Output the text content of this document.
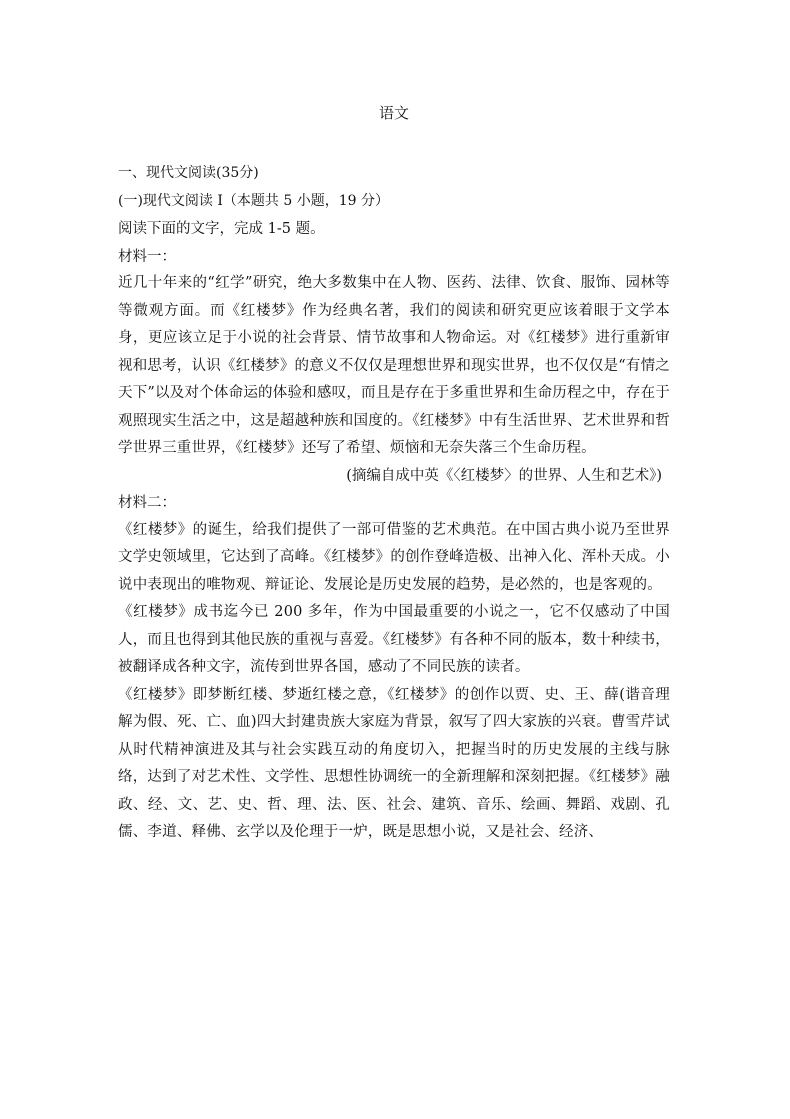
语文

一、现代文阅读(35分)

(一)现代文阅读 I（本题共 5 小题，19 分）

阅读下面的文字，完成 1-5 题。

材料一：

近几十年来的“红学”研究，绝大多数集中在人物、医药、法律、饮食、服饰、园林等等微观方面。而《红楼梦》作为经典名著，我们的阅读和研究更应该着眼于文学本身，更应该立足于小说的社会背景、情节故事和人物命运。对《红楼梦》进行重新审视和思考，认识《红楼梦》的意义不仅仅是理想世界和现实世界，也不仅仅是“有情之天下”以及对个体命运的体验和感叹，而且是存在于多重世界和生命历程之中，存在于观照现实生活之中，这是超越种族和国度的。《红楼梦》中有生活世界、艺术世界和哲学世界三重世界，《红楼梦》还写了希望、烦恼和无奈失落三个生命历程。

(摘编自成中英《〈红楼梦〉的世界、人生和艺术》)

材料二：

《红楼梦》的诞生，给我们提供了一部可借鉴的艺术典范。在中国古典小说乃至世界文学史领域里，它达到了高峰。《红楼梦》的创作登峰造极、出神入化、浑朴天成。小说中表现出的唯物观、辩证论、发展论是历史发展的趋势，是必然的，也是客观的。

《红楼梦》成书迄今已 200 多年，作为中国最重要的小说之一，它不仅感动了中国人，而且也得到其他民族的重视与喜爱。《红楼梦》有各种不同的版本，数十种续书，被翻译成各种文字，流传到世界各国，感动了不同民族的读者。

《红楼梦》即梦断红楼、梦逝红楼之意，《红楼梦》的创作以贾、史、王、薛(谐音理解为假、死、亡、血)四大封建贵族大家庭为背景，叙写了四大家族的兴衰。曹雪芹试从时代精神演进及其与社会实践互动的角度切入，把握当时的历史发展的主线与脉络，达到了对艺术性、文学性、思想性协调统一的全新理解和深刻把握。《红楼梦》融政、经、文、艺、史、哲、理、法、医、社会、建筑、音乐、绘画、舞蹈、戏剧、孔儒、李道、释佛、玄学以及伦理于一炉，既是思想小说，又是社会、经济、
